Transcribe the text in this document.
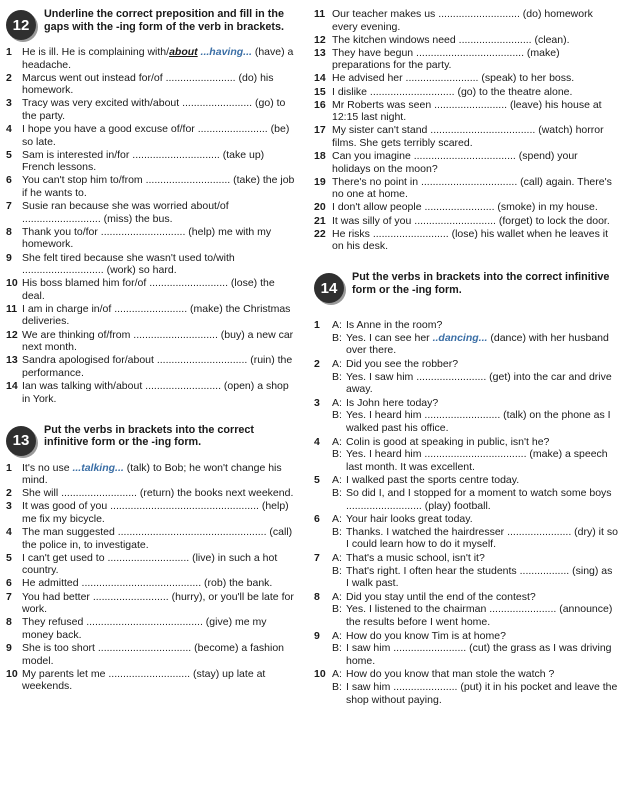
12
Underline the correct preposition and fill in the gaps with the -ing form of the verb in brackets.
1 He is ill. He is complaining with/about ...having... (have) a headache.
2 Marcus went out instead for/of ........................ (do) his homework.
3 Tracy was very excited with/about ........................ (go) to the party.
4 I hope you have a good excuse of/for ........................ (be) so late.
5 Sam is interested in/for .............................. (take up) French lessons.
6 You can't stop him to/from ............................. (take) the job if he wants to.
7 Susie ran because she was worried about/of ........................... (miss) the bus.
8 Thank you to/for ............................. (help) me with my homework.
9 She felt tired because she wasn't used to/with ............................ (work) so hard.
10 His boss blamed him for/of ........................... (lose) the deal.
11 I am in charge in/of ......................... (make) the Christmas deliveries.
12 We are thinking of/from ............................. (buy) a new car next month.
13 Sandra apologised for/about ............................... (ruin) the performance.
14 Ian was talking with/about .......................... (open) a shop in York.
13
Put the verbs in brackets into the correct infinitive form or the -ing form.
1 It's no use ...talking... (talk) to Bob; he won't change his mind.
2 She will .......................... (return) the books next weekend.
3 It was good of you ................................................... (help) me fix my bicycle.
4 The man suggested ................................................... (call) the police in, to investigate.
5 I can't get used to ............................ (live) in such a hot country.
6 He admitted ......................................... (rob) the bank.
7 You had better .......................... (hurry), or you'll be late for work.
8 They refused ........................................ (give) me my money back.
9 She is too short ................................ (become) a fashion model.
10 My parents let me ............................ (stay) up late at weekends.
11 Our teacher makes us ............................ (do) homework every evening.
12 The kitchen windows need ......................... (clean).
13 They have begun ..................................... (make) preparations for the party.
14 He advised her ......................... (speak) to her boss.
15 I dislike ............................. (go) to the theatre alone.
16 Mr Roberts was seen ......................... (leave) his house at 12:15 last night.
17 My sister can't stand .................................... (watch) horror films. She gets terribly scared.
18 Can you imagine ................................... (spend) your holidays on the moon?
19 There's no point in ................................. (call) again. There's no one at home.
20 I don't allow people ........................ (smoke) in my house.
21 It was silly of you ............................ (forget) to lock the door.
22 He risks .......................... (lose) his wallet when he leaves it on his desk.
14
Put the verbs in brackets into the correct infinitive form or the -ing form.
1	A: Is Anne in the room?
B: Yes. I can see her ..dancing... (dance) with her husband over there.
2	A: Did you see the robber?
B: Yes. I saw him ........................ (get) into the car and drive away.
3	A: Is John here today?
B: Yes. I heard him .......................... (talk) on the phone as I walked past his office.
4	A: Colin is good at speaking in public, isn't he?
B: Yes. I heard him ................................... (make) a speech last month. It was excellent.
5	A: I walked past the sports centre today.
B: So did I, and I stopped for a moment to watch some boys .......................... (play) football.
6	A: Your hair looks great today.
B: Thanks. I watched the hairdresser ...................... (dry) it so I could learn how to do it myself.
7	A: That's a music school, isn't it?
B: That's right. I often hear the students ................. (sing) as I walk past.
8	A: Did you stay until the end of the contest?
B: Yes. I listened to the chairman ....................... (announce) the results before I went home.
9	A: How do you know Tim is at home?
B: I saw him ......................... (cut) the grass as I was driving home.
10 A: How do you know that man stole the watch ?
B: I saw him ...................... (put) it in his pocket and leave the shop without paying.
